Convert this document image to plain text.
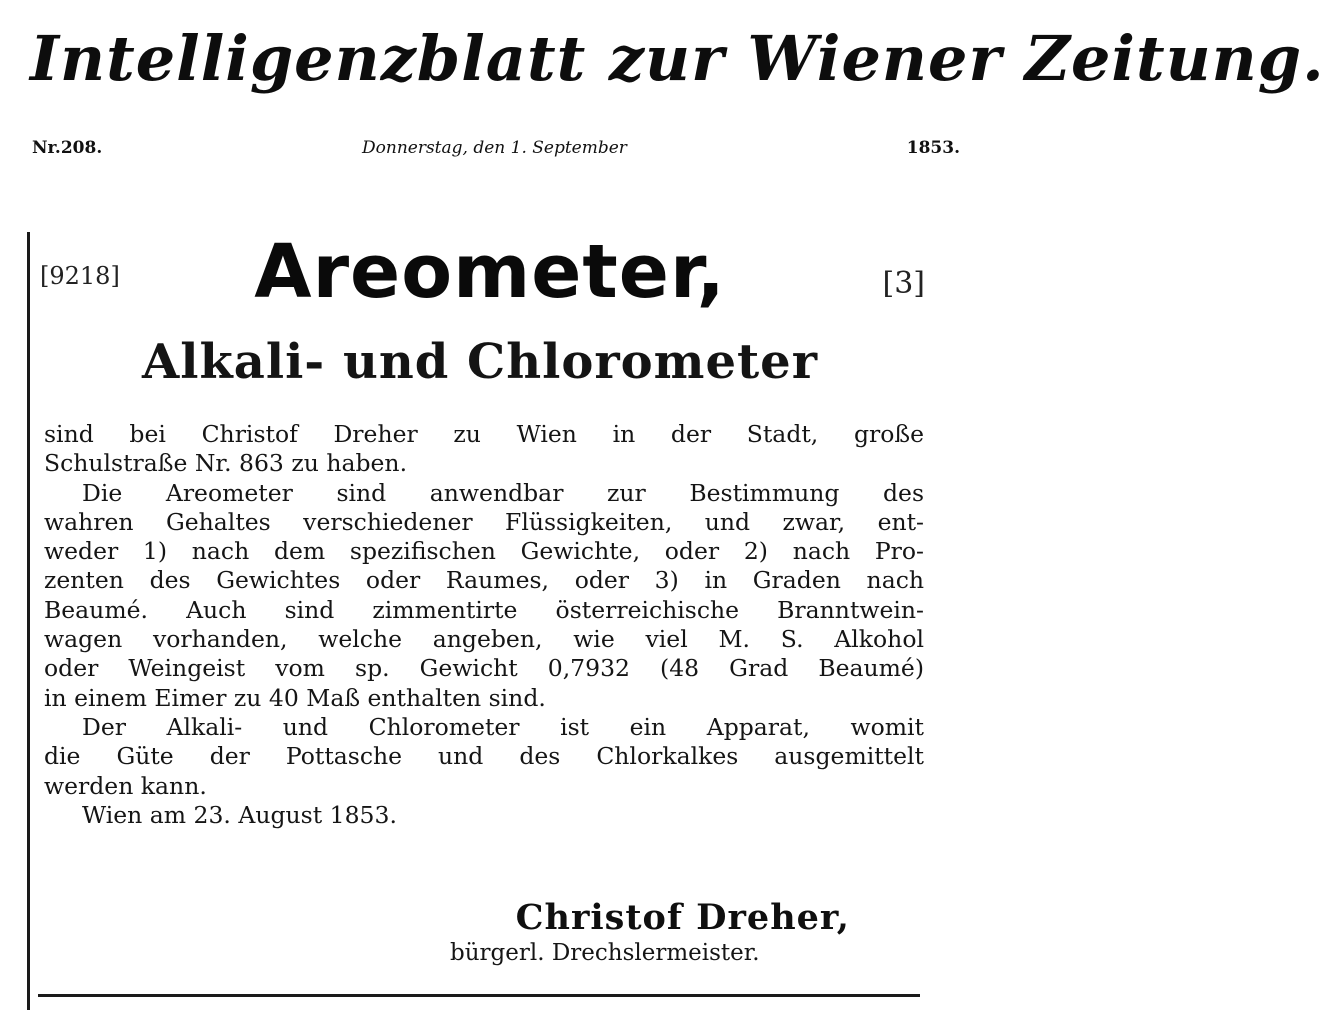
Intelligenzblatt zur Wiener Zeitung.
Nr.208.	Donnerstag, den 1. September	1853.
[9218]	[3]
Areometer,
Alkali- und Chlorometer
sind bei Christof Dreher zu Wien in der Stadt, große
Schulstraße Nr. 863 zu haben.
Die Areometer sind anwendbar zur Bestimmung des
wahren Gehaltes verschiedener Flüssigkeiten, und zwar, ent-
weder 1) nach dem spezifischen Gewichte, oder 2) nach Pro-
zenten des Gewichtes oder Raumes, oder 3) in Graden nach
Beaumé. Auch sind zimmentirte österreichische Branntwein-
wagen vorhanden, welche angeben, wie viel M. S. Alkohol
oder Weingeist vom sp. Gewicht 0,7932 (48 Grad Beaumé)
in einem Eimer zu 40 Maß enthalten sind.
Der Alkali- und Chlorometer ist ein Apparat, womit
die Güte der Pottasche und des Chlorkalkes ausgemittelt
werden kann.
Wien am 23. August 1853.
Christof Dreher,
bürgerl. Drechslermeister.
